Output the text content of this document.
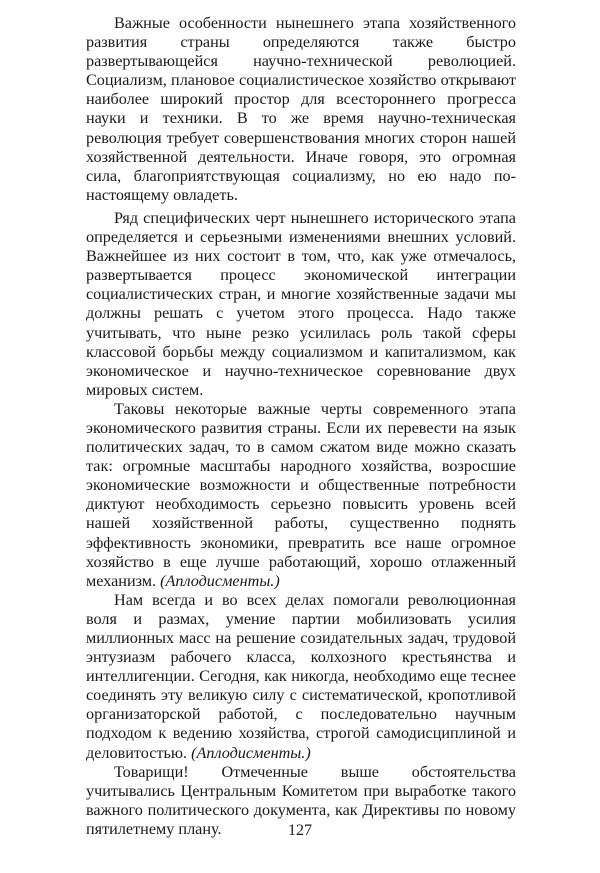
Важные особенности нынешнего этапа хозяйственного развития страны определяются также быстро развертывающейся научно-технической революцией. Социализм, плановое социалистическое хозяйство открывают наиболее широкий простор для всестороннего прогресса науки и техники. В то же время научно-техническая революция требует совершенствования многих сторон нашей хозяйственной деятельности. Иначе говоря, это огромная сила, благоприятствующая социализму, но ею надо по-настоящему овладеть.

Ряд специфических черт нынешнего исторического этапа определяется и серьезными изменениями внешних условий. Важнейшее из них состоит в том, что, как уже отмечалось, развертывается процесс экономической интеграции социалистических стран, и многие хозяйственные задачи мы должны решать с учетом этого процесса. Надо также учитывать, что ныне резко усилилась роль такой сферы классовой борьбы между социализмом и капитализмом, как экономическое и научно-техническое соревнование двух мировых систем.

Таковы некоторые важные черты современного этапа экономического развития страны. Если их перевести на язык политических задач, то в самом сжатом виде можно сказать так: огромные масштабы народного хозяйства, возросшие экономические возможности и общественные потребности диктуют необходимость серьезно повысить уровень всей нашей хозяйственной работы, существенно поднять эффективность экономики, превратить все наше огромное хозяйство в еще лучше работающий, хорошо отлаженный механизм. (Аплодисменты.)

Нам всегда и во всех делах помогали революционная воля и размах, умение партии мобилизовать усилия миллионных масс на решение созидательных задач, трудовой энтузиазм рабочего класса, колхозного крестьянства и интеллигенции. Сегодня, как никогда, необходимо еще теснее соединять эту великую силу с систематической, кропотливой организаторской работой, с последовательно научным подходом к ведению хозяйства, строгой самодисциплиной и деловитостью. (Аплодисменты.)

Товарищи! Отмеченные выше обстоятельства учитывались Центральным Комитетом при выработке такого важного политического документа, как Директивы по новому пятилетнему плану.	127
